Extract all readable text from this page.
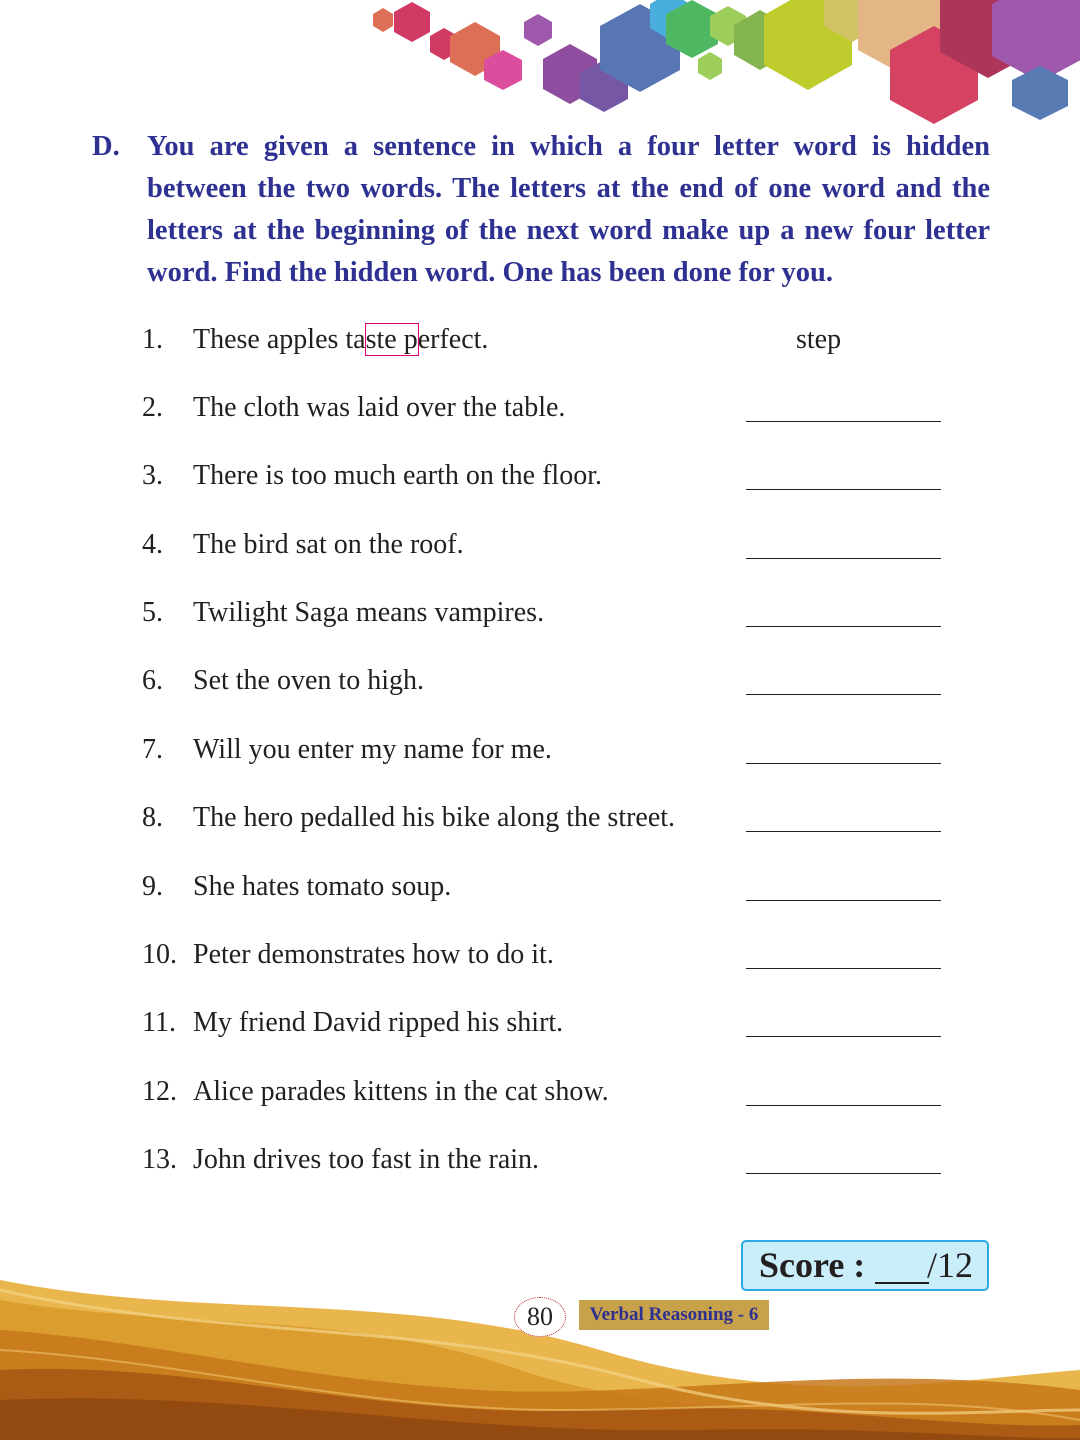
D. You are given a sentence in which a four letter word is hidden between the two words. The letters at the end of one word and the letters at the beginning of the next word make up a new four letter word. Find the hidden word. One has been done for you.
1. These apples taste perfect.	step
2. The cloth was laid over the table.
3. There is too much earth on the floor.
4. The bird sat on the roof.
5. Twilight Saga means vampires.
6. Set the oven to high.
7. Will you enter my name for me.
8. The hero pedalled his bike along the street.
9. She hates tomato soup.
10. Peter demonstrates how to do it.
11. My friend David ripped his shirt.
12. Alice parades kittens in the cat show.
13. John drives too fast in the rain.
Score : /12
80	Verbal Reasoning - 6
